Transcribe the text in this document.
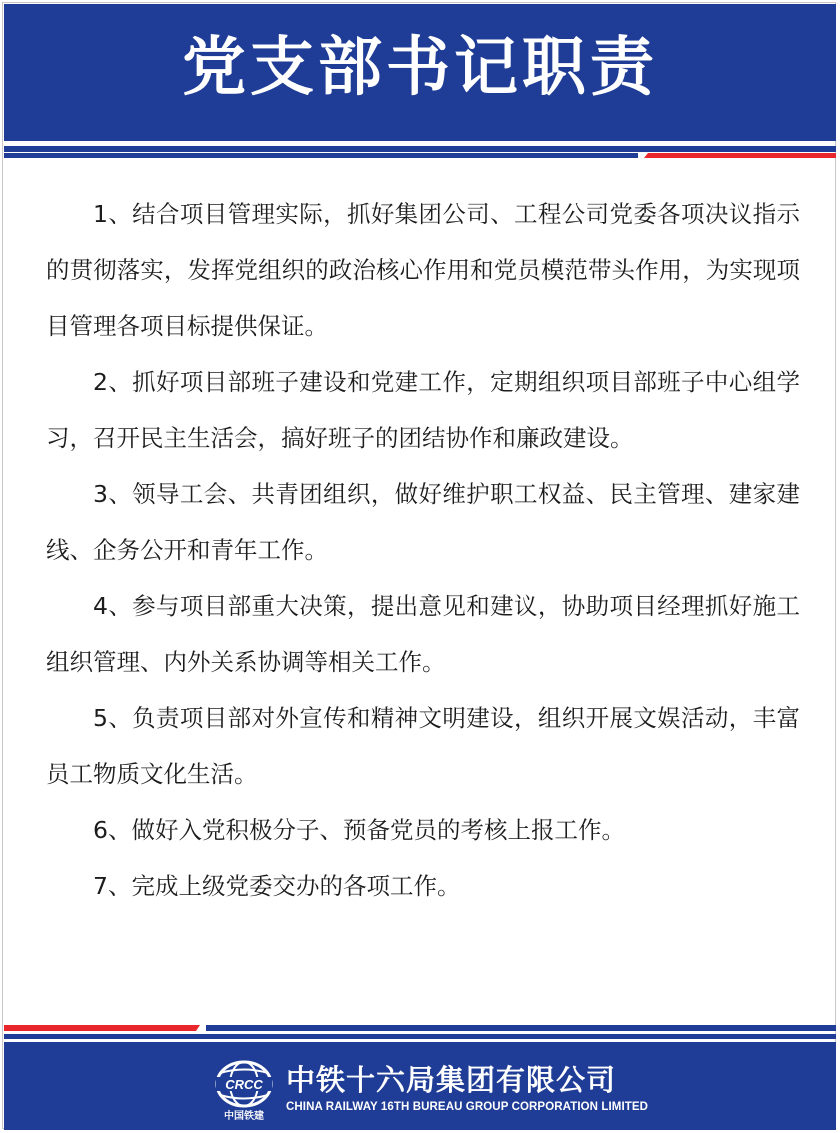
党支部书记职责

1、结合项目管理实际，抓好集团公司、工程公司党委各项决议指示的贯彻落实，发挥党组织的政治核心作用和党员模范带头作用，为实现项目管理各项目标提供保证。

2、抓好项目部班子建设和党建工作，定期组织项目部班子中心组学习，召开民主生活会，搞好班子的团结协作和廉政建设。

3、领导工会、共青团组织，做好维护职工权益、民主管理、建家建线、企务公开和青年工作。

4、参与项目部重大决策，提出意见和建议，协助项目经理抓好施工组织管理、内外关系协调等相关工作。

5、负责项目部对外宣传和精神文明建设，组织开展文娱活动，丰富员工物质文化生活。

6、做好入党积极分子、预备党员的考核上报工作。

7、完成上级党委交办的各项工作。

CRCC
中国铁建
中铁十六局集团有限公司
CHINA RAILWAY 16TH BUREAU GROUP CORPORATION LIMITED
